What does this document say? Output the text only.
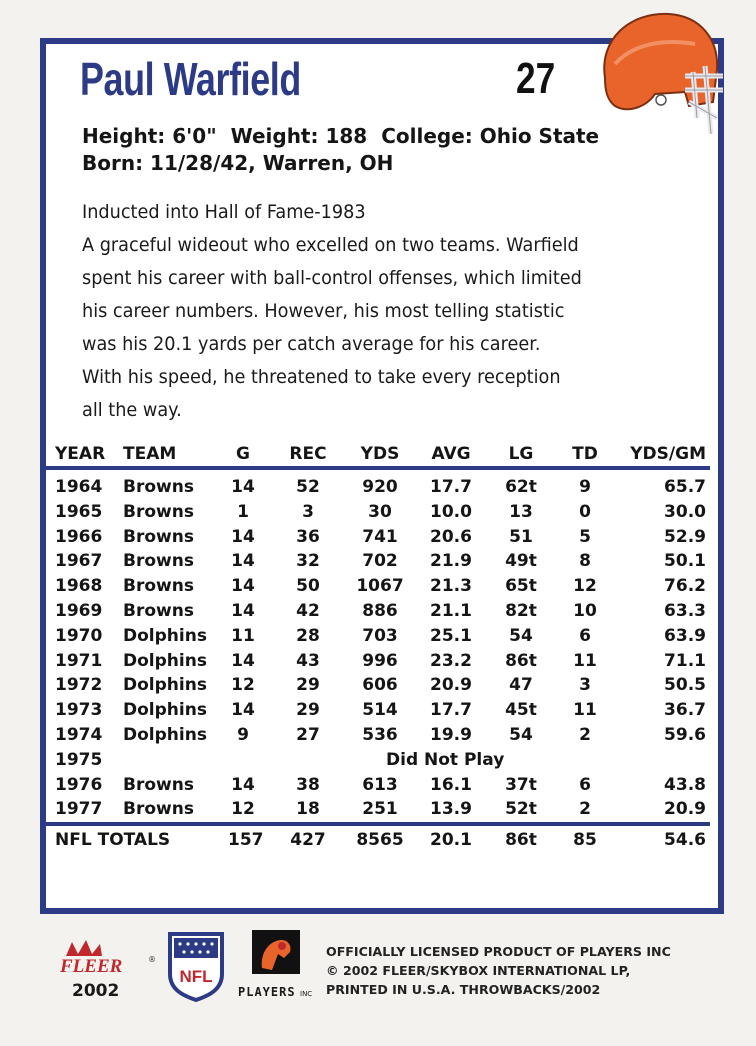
Paul Warfield	27
Height: 6'0" Weight: 188 College: Ohio State
Born: 11/28/42, Warren, OH
Inducted into Hall of Fame-1983
A graceful wideout who excelled on two teams. Warfield
spent his career with ball-control offenses, which limited
his career numbers. However, his most telling statistic
was his 20.1 yards per catch average for his career.
With his speed, he threatened to take every reception
all the way.
YEAR TEAM	G	REC	YDS	AVG	LG	TD YDS/GM
1964 Browns 14	52	920	17.7 62t	9	65.7
1965 Browns	1	3	30	10.0	13	0	30.0
1966 Browns 14	36	741	20.6	51	5	52.9
1967 Browns 14	32	702	21.9 49t	8	50.1
1968 Browns 14	50	1067	21.3 65t 12	76.2
1969 Browns 14	42	886	21.1 82t 10	63.3
1970 Dolphins 11	28	703	25.1	54	6	63.9
1971 Dolphins 14	43	996	23.2 86t 11	71.1
1972 Dolphins 12	29	606	20.9	47	3	50.5
1973 Dolphins 14	29	514	17.7 45t 11	36.7
1974 Dolphins	9	27	536	19.9	54	2	59.6
1975	Did Not Play
1976 Browns 14	38	613	16.1 37t	6	43.8
1977 Browns 12	18	251	13.9 52t	2	20.9
NFL TOTALS	157 427	8565	20.1 86t 85	54.6
FLEER	®
2002
NFL
PLAYERS INC
OFFICIALLY LICENSED PRODUCT OF PLAYERS INC
© 2002 FLEER/SKYBOX INTERNATIONAL LP,
PRINTED IN U.S.A. THROWBACKS/2002
